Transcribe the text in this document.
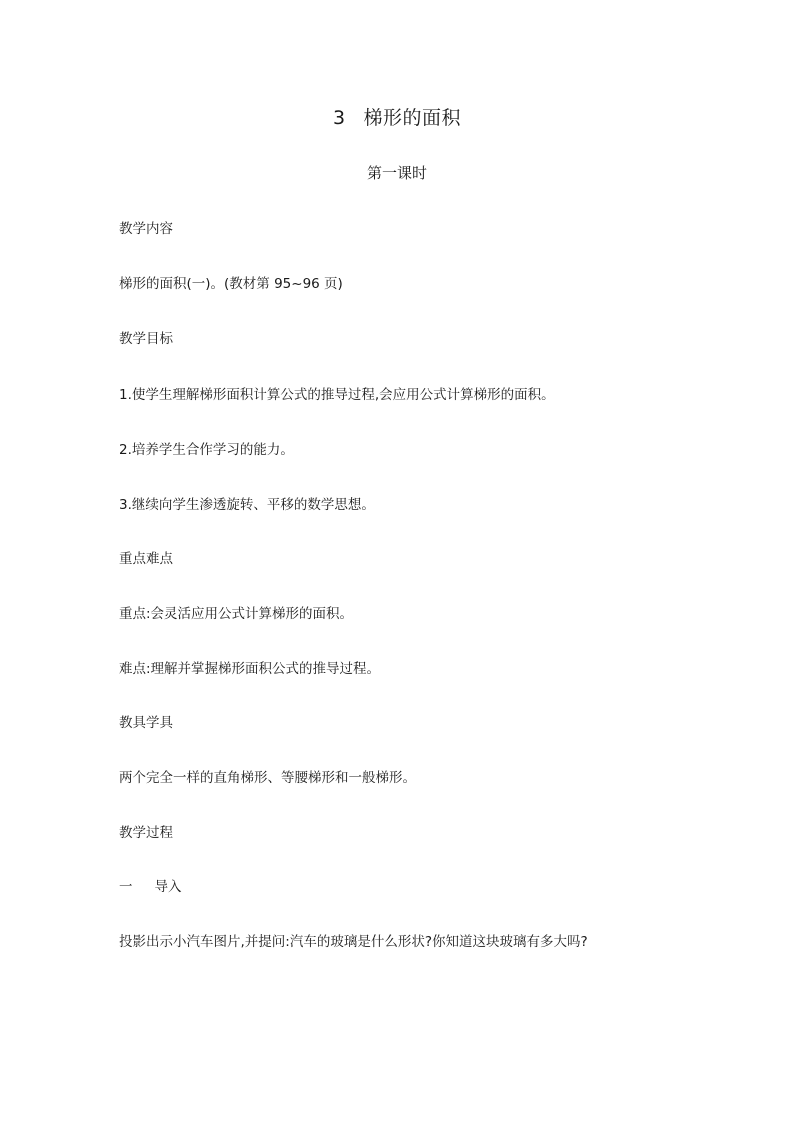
3 梯形的面积
第一课时
教学内容
梯形的面积(一)。(教材第 95~96 页)
教学目标
1.使学生理解梯形面积计算公式的推导过程,会应用公式计算梯形的面积。
2.培养学生合作学习的能力。
3.继续向学生渗透旋转、平移的数学思想。
重点难点
重点:会灵活应用公式计算梯形的面积。
难点:理解并掌握梯形面积公式的推导过程。
教具学具
两个完全一样的直角梯形、等腰梯形和一般梯形。
教学过程
一 导入
投影出示小汽车图片,并提问:汽车的玻璃是什么形状?你知道这块玻璃有多大吗?
